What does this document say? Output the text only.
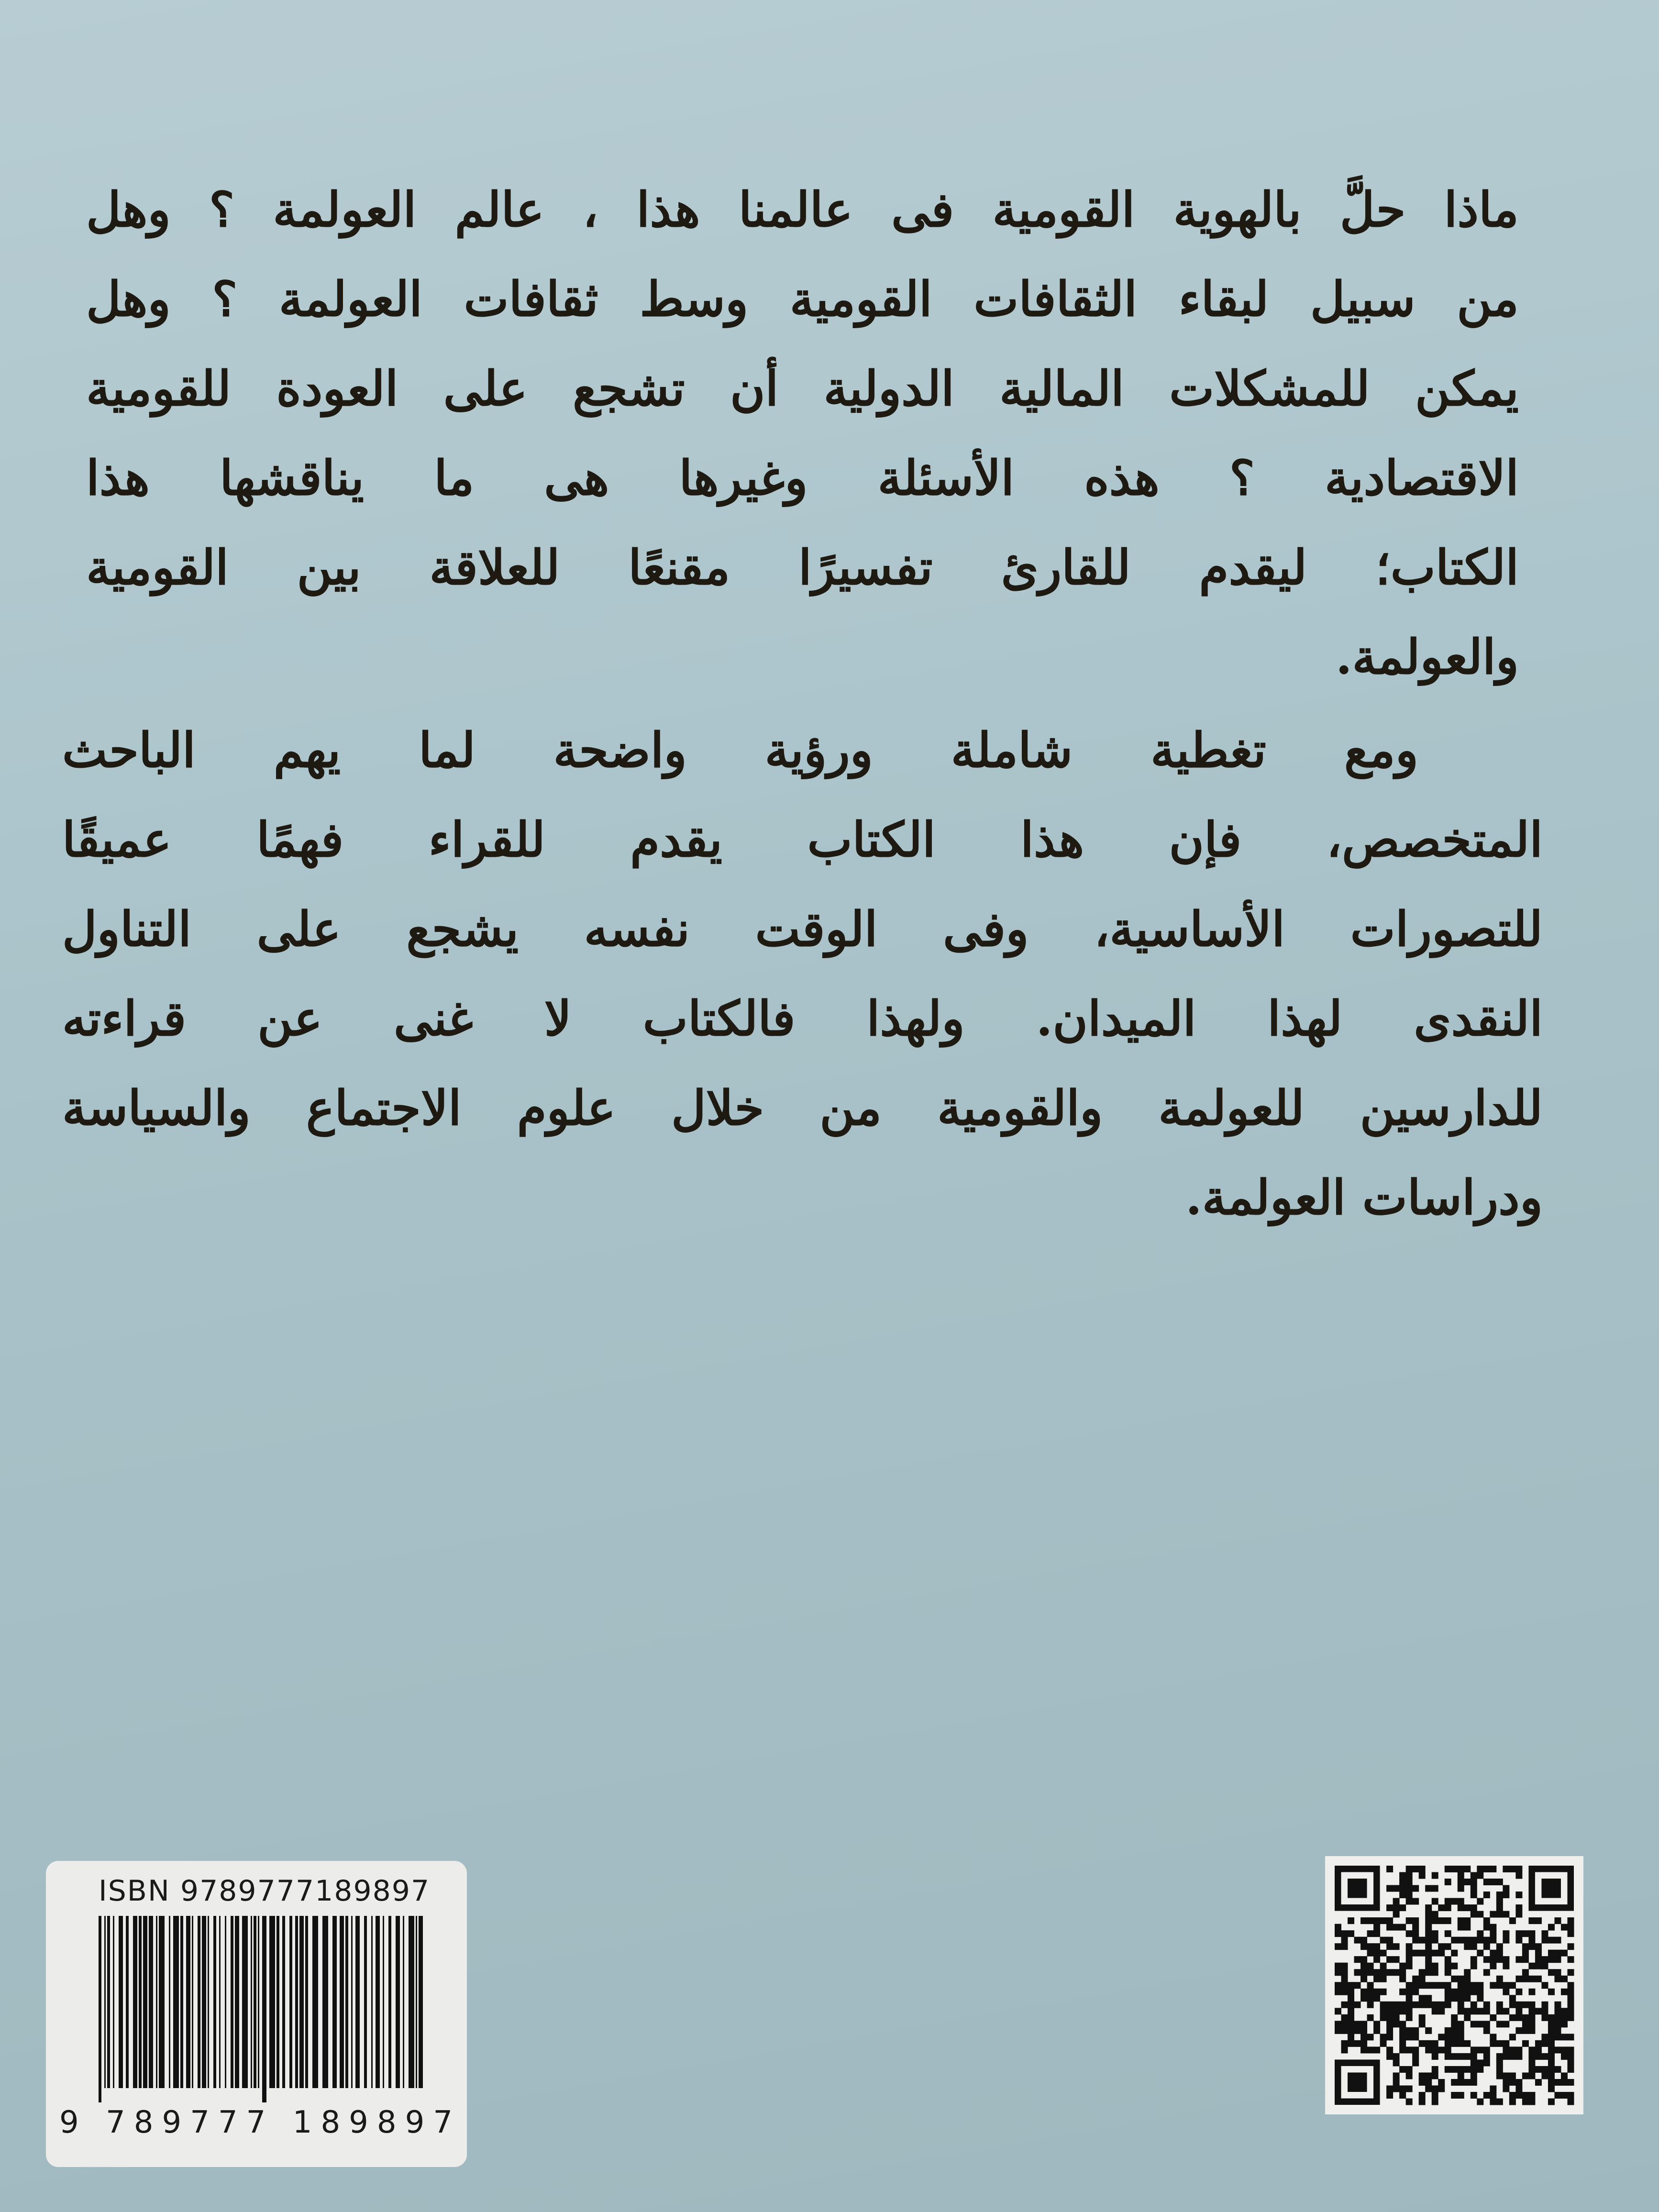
ماذا حلَّ بالهوية القومية فى عالمنا هذا ، عالم العولمة ؟ وهل
من سبيل لبقاء الثقافات القومية وسط ثقافات العولمة ؟ وهل
يمكن للمشكلات المالية الدولية أن تشجع على العودة للقومية
الاقتصادية ؟ هذه الأسئلة وغيرها هى ما يناقشها هذا
الكتاب؛ ليقدم للقارئ تفسيرًا مقنعًا للعلاقة بين القومية
والعولمة.
ومع تغطية شاملة ورؤية واضحة لما يهم الباحث
المتخصص، فإن هذا الكتاب يقدم للقراء فهمًا عميقًا
للتصورات الأساسية، وفى الوقت نفسه يشجع على التناول
النقدى لهذا الميدان. ولهذا فالكتاب لا غنى عن قراءته
للدارسين للعولمة والقومية من خلال علوم الاجتماع والسياسة
ودراسات العولمة.
ISBN 9789777189897
9 789777 189897
